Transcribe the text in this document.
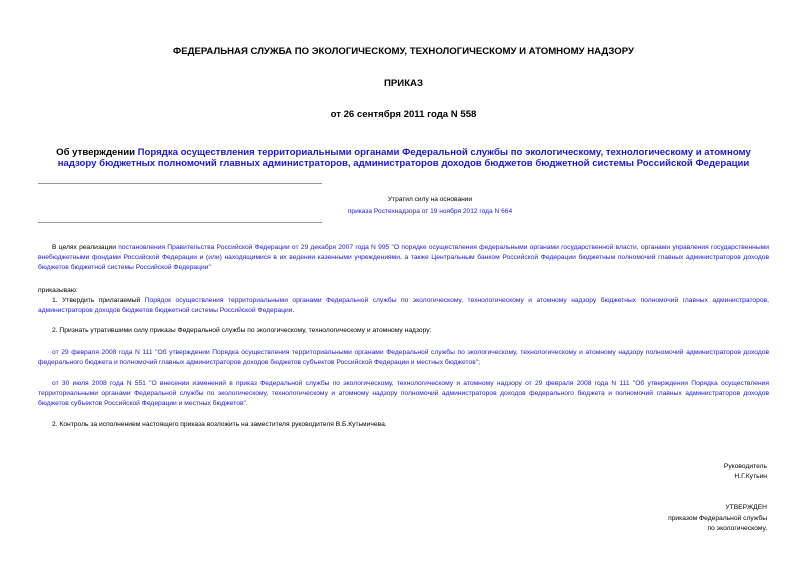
ФЕДЕРАЛЬНАЯ СЛУЖБА ПО ЭКОЛОГИЧЕСКОМУ, ТЕХНОЛОГИЧЕСКОМУ И АТОМНОМУ НАДЗОРУ
ПРИКАЗ
от 26 сентября 2011 года N 558
Об утверждении Порядка осуществления территориальными органами Федеральной службы по экологическому, технологическому и атомному надзору бюджетных полномочий главных администраторов, администраторов доходов бюджетов бюджетной системы Российской Федерации
Утратил силу на основании
приказа Ростехнадзора от 19 ноября 2012 года N 664
В целях реализации постановления Правительства Российской Федерации от 29 декабря 2007 года N 995 "О порядке осуществления федеральными органами государственной власти, органами управления государственными внебюджетными фондами Российской Федерации и (или) находящимися в их ведении казенными учреждениями, а также Центральным банком Российской Федерации бюджетным полномочий главных администраторов доходов бюджетов бюджетной системы Российской Федерации"
приказываю:
1. Утвердить прилагаемый Порядок осуществления территориальными органами Федеральной службы по экологическому, технологическому и атомному надзору бюджетных полномочий главных администраторов, администраторов доходов бюджетов бюджетной системы Российской Федерации.
2. Признать утратившими силу приказы Федеральной службы по экологическому, технологическому и атомному надзору:
от 29 февраля 2008 года N 111 "Об утверждении Порядка осуществления территориальными органами Федеральной службы по экологическому, технологическому и атомному надзору полномочий администраторов доходов федерального бюджета и полномочий главных администраторов доходов бюджетов субъектов Российской Федерации и местных бюджетов";
от 30 июля 2008 года N 551 "О внесении изменений в приказ Федеральной службы по экологическому, технологическому и атомному надзору от 29 февраля 2008 года N 111 "Об утверждении Порядка осуществления территориальными органами Федеральной службы по экологическому, технологическому и атомному надзору полномочий администраторов доходов федерального бюджета и полномочий главных администраторов доходов бюджетов субъектов Российской Федерации и местных бюджетов".
2. Контроль за исполнением настоящего приказа возложить на заместителя руководителя В.Б.Кутьмичева.
Руководитель
Н.Г.Кутьин
УТВЕРЖДЕН
приказом Федеральной службы
по экологическому,
